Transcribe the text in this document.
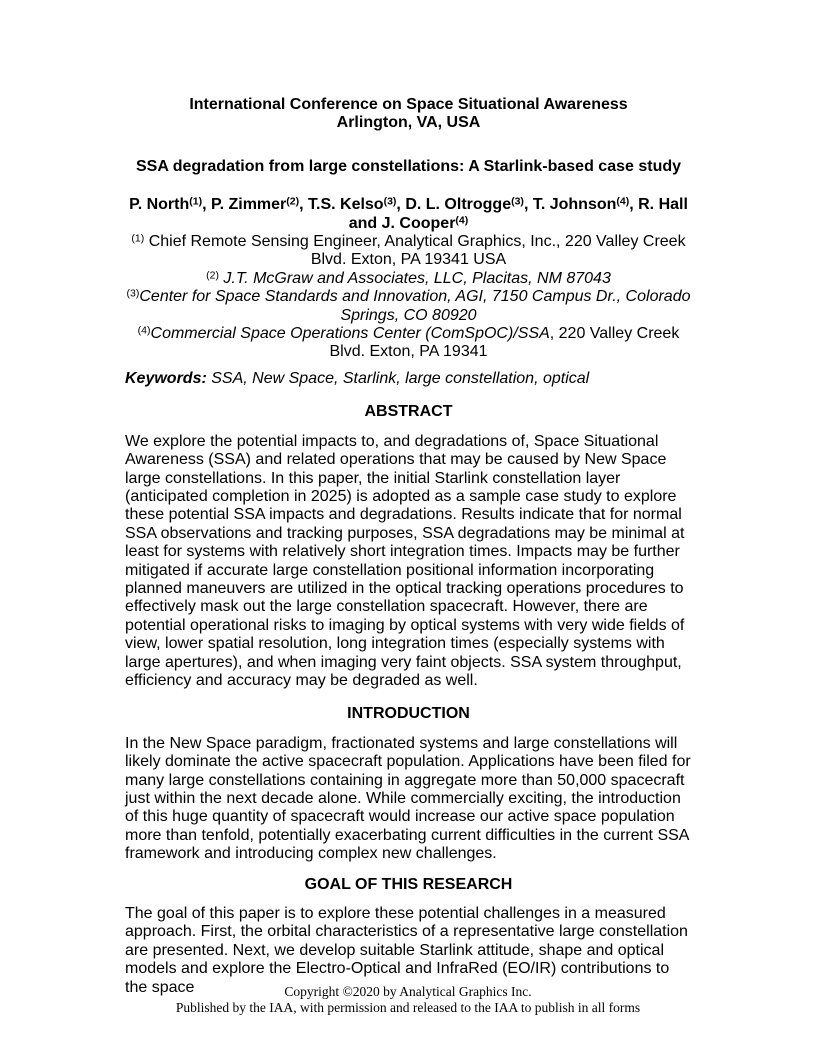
International Conference on Space Situational Awareness
Arlington, VA, USA
SSA degradation from large constellations: A Starlink-based case study
P. North$^{(1)}$, P. Zimmer$^{(2)}$, T.S. Kelso$^{(3)}$, D. L. Oltrogge$^{(3)}$, T. Johnson$^{(4)}$, R. Hall and J. Cooper$^{(4)}$
$^{(1)}$ Chief Remote Sensing Engineer, Analytical Graphics, Inc., 220 Valley Creek Blvd. Exton, PA 19341 USA
$^{(2)}$ J.T. McGraw and Associates, LLC, Placitas, NM 87043
$^{(3)}$Center for Space Standards and Innovation, AGI, 7150 Campus Dr., Colorado Springs, CO 80920
$^{(4)}$Commercial Space Operations Center (ComSpOC)/SSA, 220 Valley Creek Blvd. Exton, PA 19341
Keywords: SSA, New Space, Starlink, large constellation, optical
ABSTRACT
We explore the potential impacts to, and degradations of, Space Situational Awareness (SSA) and related operations that may be caused by New Space large constellations. In this paper, the initial Starlink constellation layer (anticipated completion in 2025) is adopted as a sample case study to explore these potential SSA impacts and degradations. Results indicate that for normal SSA observations and tracking purposes, SSA degradations may be minimal at least for systems with relatively short integration times. Impacts may be further mitigated if accurate large constellation positional information incorporating planned maneuvers are utilized in the optical tracking operations procedures to effectively mask out the large constellation spacecraft. However, there are potential operational risks to imaging by optical systems with very wide fields of view, lower spatial resolution, long integration times (especially systems with large apertures), and when imaging very faint objects. SSA system throughput, efficiency and accuracy may be degraded as well.
INTRODUCTION
In the New Space paradigm, fractionated systems and large constellations will likely dominate the active spacecraft population. Applications have been filed for many large constellations containing in aggregate more than 50,000 spacecraft just within the next decade alone. While commercially exciting, the introduction of this huge quantity of spacecraft would increase our active space population more than tenfold, potentially exacerbating current difficulties in the current SSA framework and introducing complex new challenges.
GOAL OF THIS RESEARCH
The goal of this paper is to explore these potential challenges in a measured approach. First, the orbital characteristics of a representative large constellation are presented. Next, we develop suitable Starlink attitude, shape and optical models and explore the Electro-Optical and InfraRed (EO/IR) contributions to the space	Copyright ©2020 by Analytical Graphics Inc.
Published by the IAA, with permission and released to the IAA to publish in all forms
